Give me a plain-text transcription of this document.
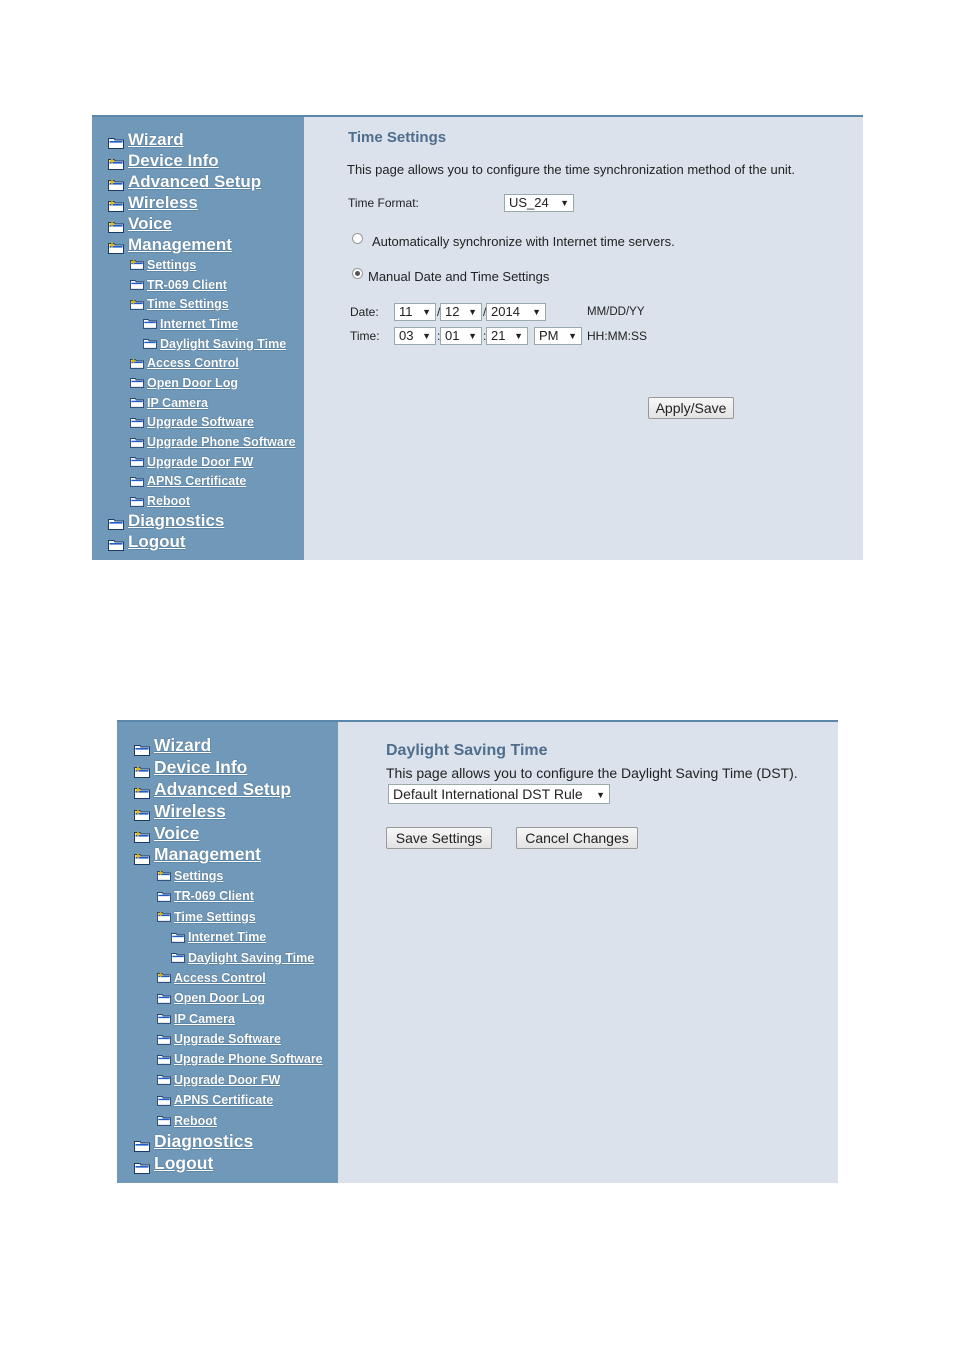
Wizard
Device Info
Advanced Setup
Wireless
Voice
Management
Settings
TR-069 Client
Time Settings
Internet Time
Daylight Saving Time
Access Control
Open Door Log
IP Camera
Upgrade Software
Upgrade Phone Software
Upgrade Door FW
APNS Certificate
Reboot
Diagnostics
Logout
Time Settings
This page allows you to configure the time synchronization method of the unit.
Time Format:	US_24 ▼
Automatically synchronize with Internet time servers.
Manual Date and Time Settings
Date:	11 ▼ / 12 ▼ / 2014 ▼	MM/DD/YY
Time:	03 ▼ : 01 ▼ : 21 ▼	PM ▼ HH:MM:SS
Apply/Save
Wizard
Device Info
Advanced Setup
Wireless
Voice
Management
Settings
TR-069 Client
Time Settings
Internet Time
Daylight Saving Time
Access Control
Open Door Log
IP Camera
Upgrade Software
Upgrade Phone Software
Upgrade Door FW
APNS Certificate
Reboot
Diagnostics
Logout
Daylight Saving Time
This page allows you to configure the Daylight Saving Time (DST).
Default International DST Rule ▼
Save Settings	Cancel Changes
